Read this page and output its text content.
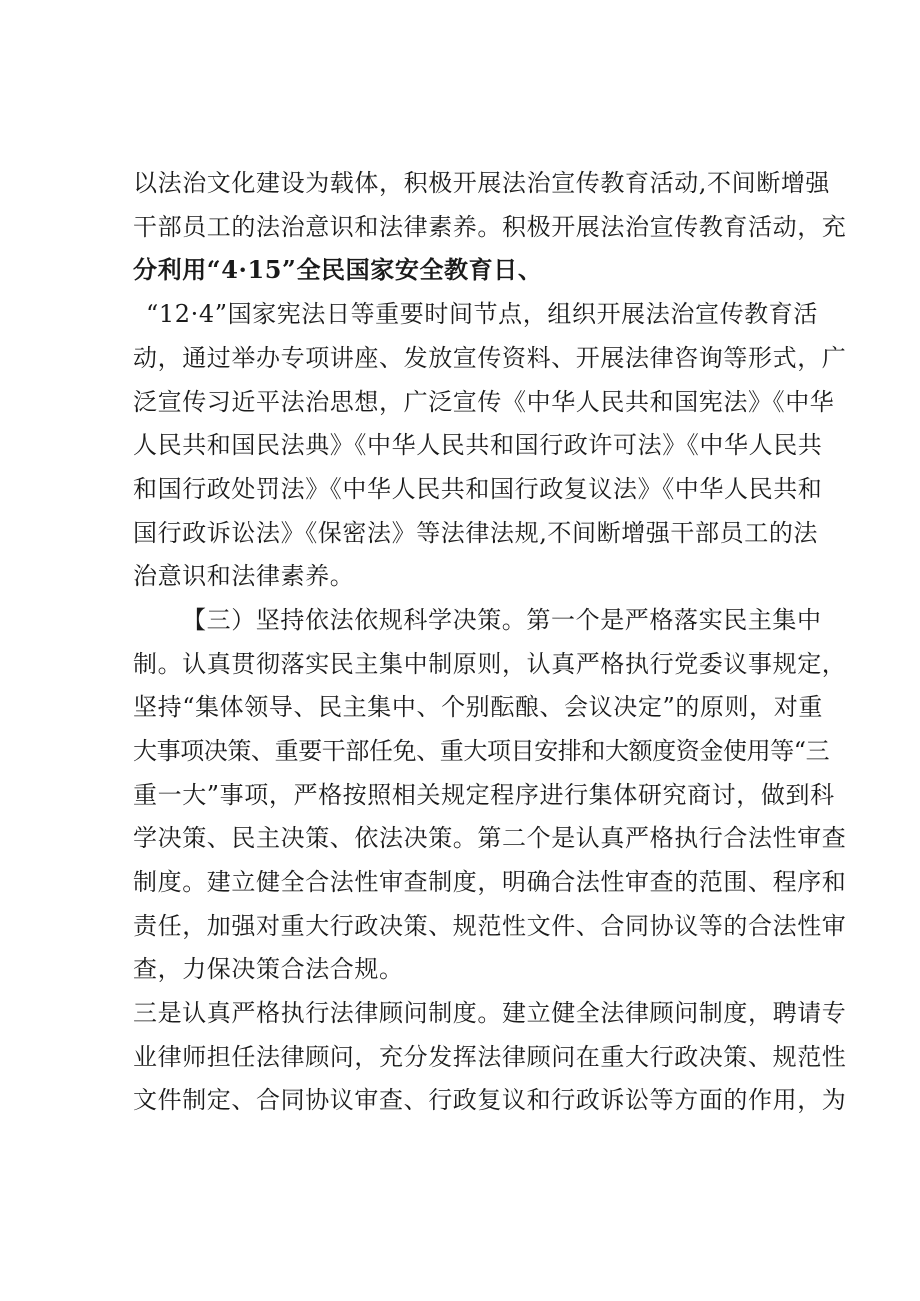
以法治文化建设为载体，积极开展法治宣传教育活动,不间断增强
干部员工的法治意识和法律素养。积极开展法治宣传教育活动，充
分利用“4·15”全民国家安全教育日、
“12·4”国家宪法日等重要时间节点，组织开展法治宣传教育活
动，通过举办专项讲座、发放宣传资料、开展法律咨询等形式，广
泛宣传习近平法治思想，广泛宣传《中华人民共和国宪法》《中华
人民共和国民法典》《中华人民共和国行政许可法》《中华人民共
和国行政处罚法》《中华人民共和国行政复议法》《中华人民共和
国行政诉讼法》《保密法》等法律法规,不间断增强干部员工的法
治意识和法律素养。
【三）坚持依法依规科学决策。第一个是严格落实民主集中
制。认真贯彻落实民主集中制原则，认真严格执行党委议事规定，
坚持“集体领导、民主集中、个别酝酿、会议决定”的原则，对重
大事项决策、重要干部任免、重大项目安排和大额度资金使用等“三
重一大”事项，严格按照相关规定程序进行集体研究商讨，做到科
学决策、民主决策、依法决策。第二个是认真严格执行合法性审查
制度。建立健全合法性审查制度，明确合法性审查的范围、程序和
责任，加强对重大行政决策、规范性文件、合同协议等的合法性审
查，力保决策合法合规。
三是认真严格执行法律顾问制度。建立健全法律顾问制度，聘请专
业律师担任法律顾问，充分发挥法律顾问在重大行政决策、规范性
文件制定、合同协议审查、行政复议和行政诉讼等方面的作用，为
